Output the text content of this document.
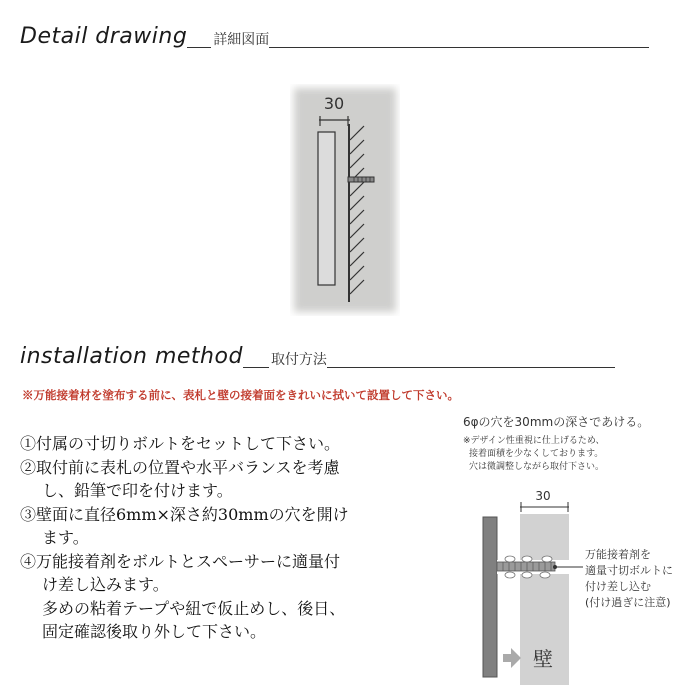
Detail drawing 詳細図面
30
installation method 取付方法
※万能接着材を塗布する前に、表札と壁の接着面をきれいに拭いて設置して下さい。
①付属の寸切りボルトをセットして下さい。
②取付前に表札の位置や水平バランスを考慮
し、鉛筆で印を付けます。
③壁面に直径6mm×深さ約30mmの穴を開け
ます。
④万能接着剤をボルトとスペーサーに適量付
け差し込みます。
多めの粘着テープや紐で仮止めし、後日、
固定確認後取り外して下さい。
6φの穴を30mmの深さであける。
※デザイン性重視に仕上げるため、
接着面積を少なくしております。
穴は微調整しながら取付下さい。
30
万能接着剤を
適量寸切ボルトに
付け差し込む
(付け過ぎに注意)
壁
